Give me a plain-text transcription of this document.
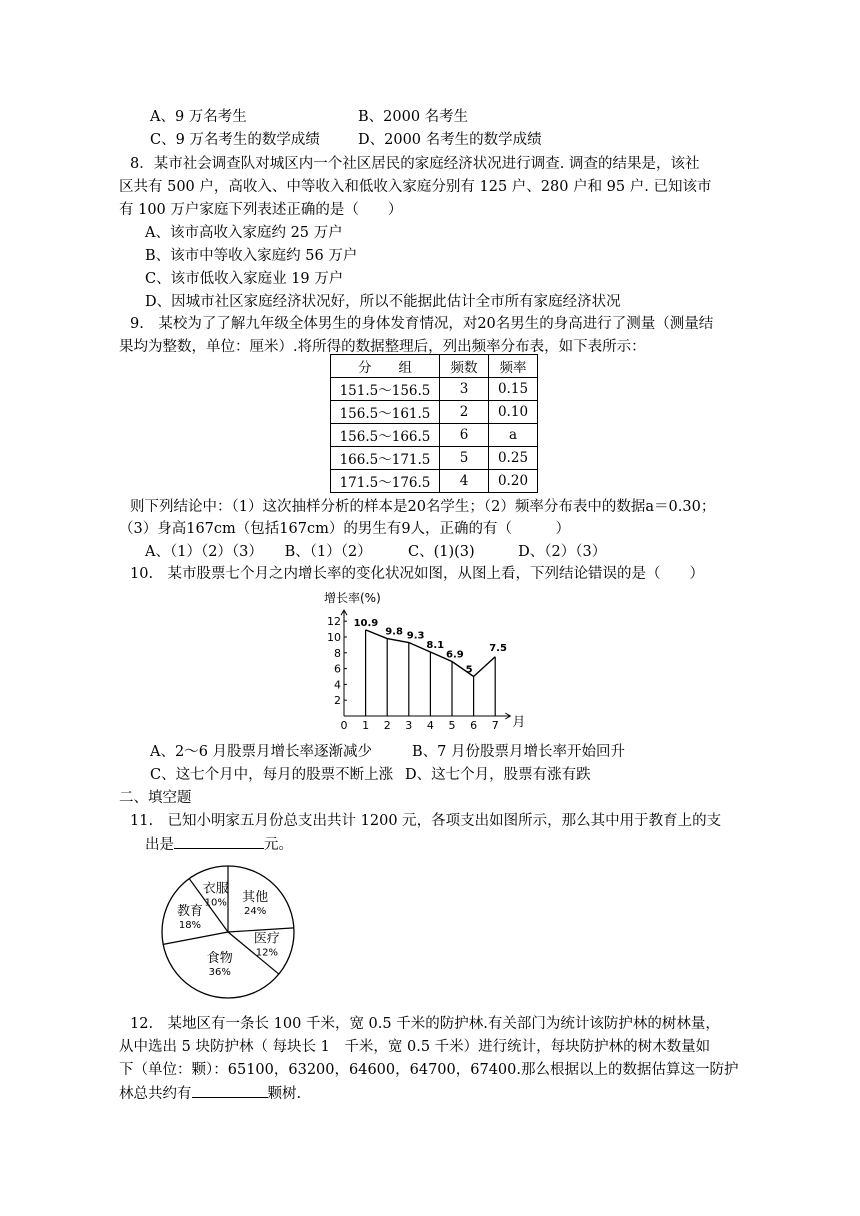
A、9 万名考生	B、2000 名考生
C、9 万名考生的数学成绩	D、2000 名考生的数学成绩
8．某市社会调查队对城区内一个社区居民的家庭经济状况进行调查. 调查的结果是，该社
区共有 500 户，高收入、中等收入和低收入家庭分别有 125 户、280 户和 95 户. 已知该市
有 100 万户家庭下列表述正确的是（　　）
A、该市高收入家庭约 25 万户
B、该市中等收入家庭约 56 万户
C、该市低收入家庭业 19 万户
D、因城市社区家庭经济状况好，所以不能据此估计全市所有家庭经济状况
9.　某校为了了解九年级全体男生的身体发育情况，对20名男生的身高进行了测量（测量结
果均为整数，单位：厘米）.将所得的数据整理后，列出频率分布表，如下表所示：
分　　组	频数	频率
151.5～156.5	3	0.15
156.5～161.5	2	0.10
156.5～166.5	6	a
166.5～171.5	5	0.25
171.5～176.5	4	0.20
则下列结论中：（1）这次抽样分析的样本是20名学生；（2）频率分布表中的数据a＝0.30；
（3）身高167cm（包括167cm）的男生有9人，正确的有（　　　）
A、（1）（2）（3）　　B、（1）（2）　　　C、(1)(3)　　　D、（2）（3）
10.　某市股票七个月之内增长率的变化状况如图，从图上看，下列结论错误的是（　　）
增长率(%)
月
2
4
6
8
10
12
0 1 2 3 4 5 6 7
10.9
9.8 9.3
8.1
6.9
5
7.5
A、2～6 月股票月增长率逐渐减少	B、7 月份股票月增长率开始回升
C、这七个月中，每月的股票不断上涨 D、这七个月，股票有涨有跌
二、填空题
11.　已知小明家五月份总支出共计 1200 元，各项支出如图所示，那么其中用于教育上的支
出是	元。
衣服
10% 其他
24%
医疗
12%
食物
36%
教育
18%
12.　某地区有一条长 100 千米，宽 0.5 千米的防护林.有关部门为统计该防护林的树林量，
从中选出 5 块防护林（ 每块长 1　千米，宽 0.5 千米）进行统计，每块防护林的树木数量如
下（单位：颗）：65100，63200，64600，64700，67400.那么根据以上的数据估算这一防护
林总共约有	颗树.
